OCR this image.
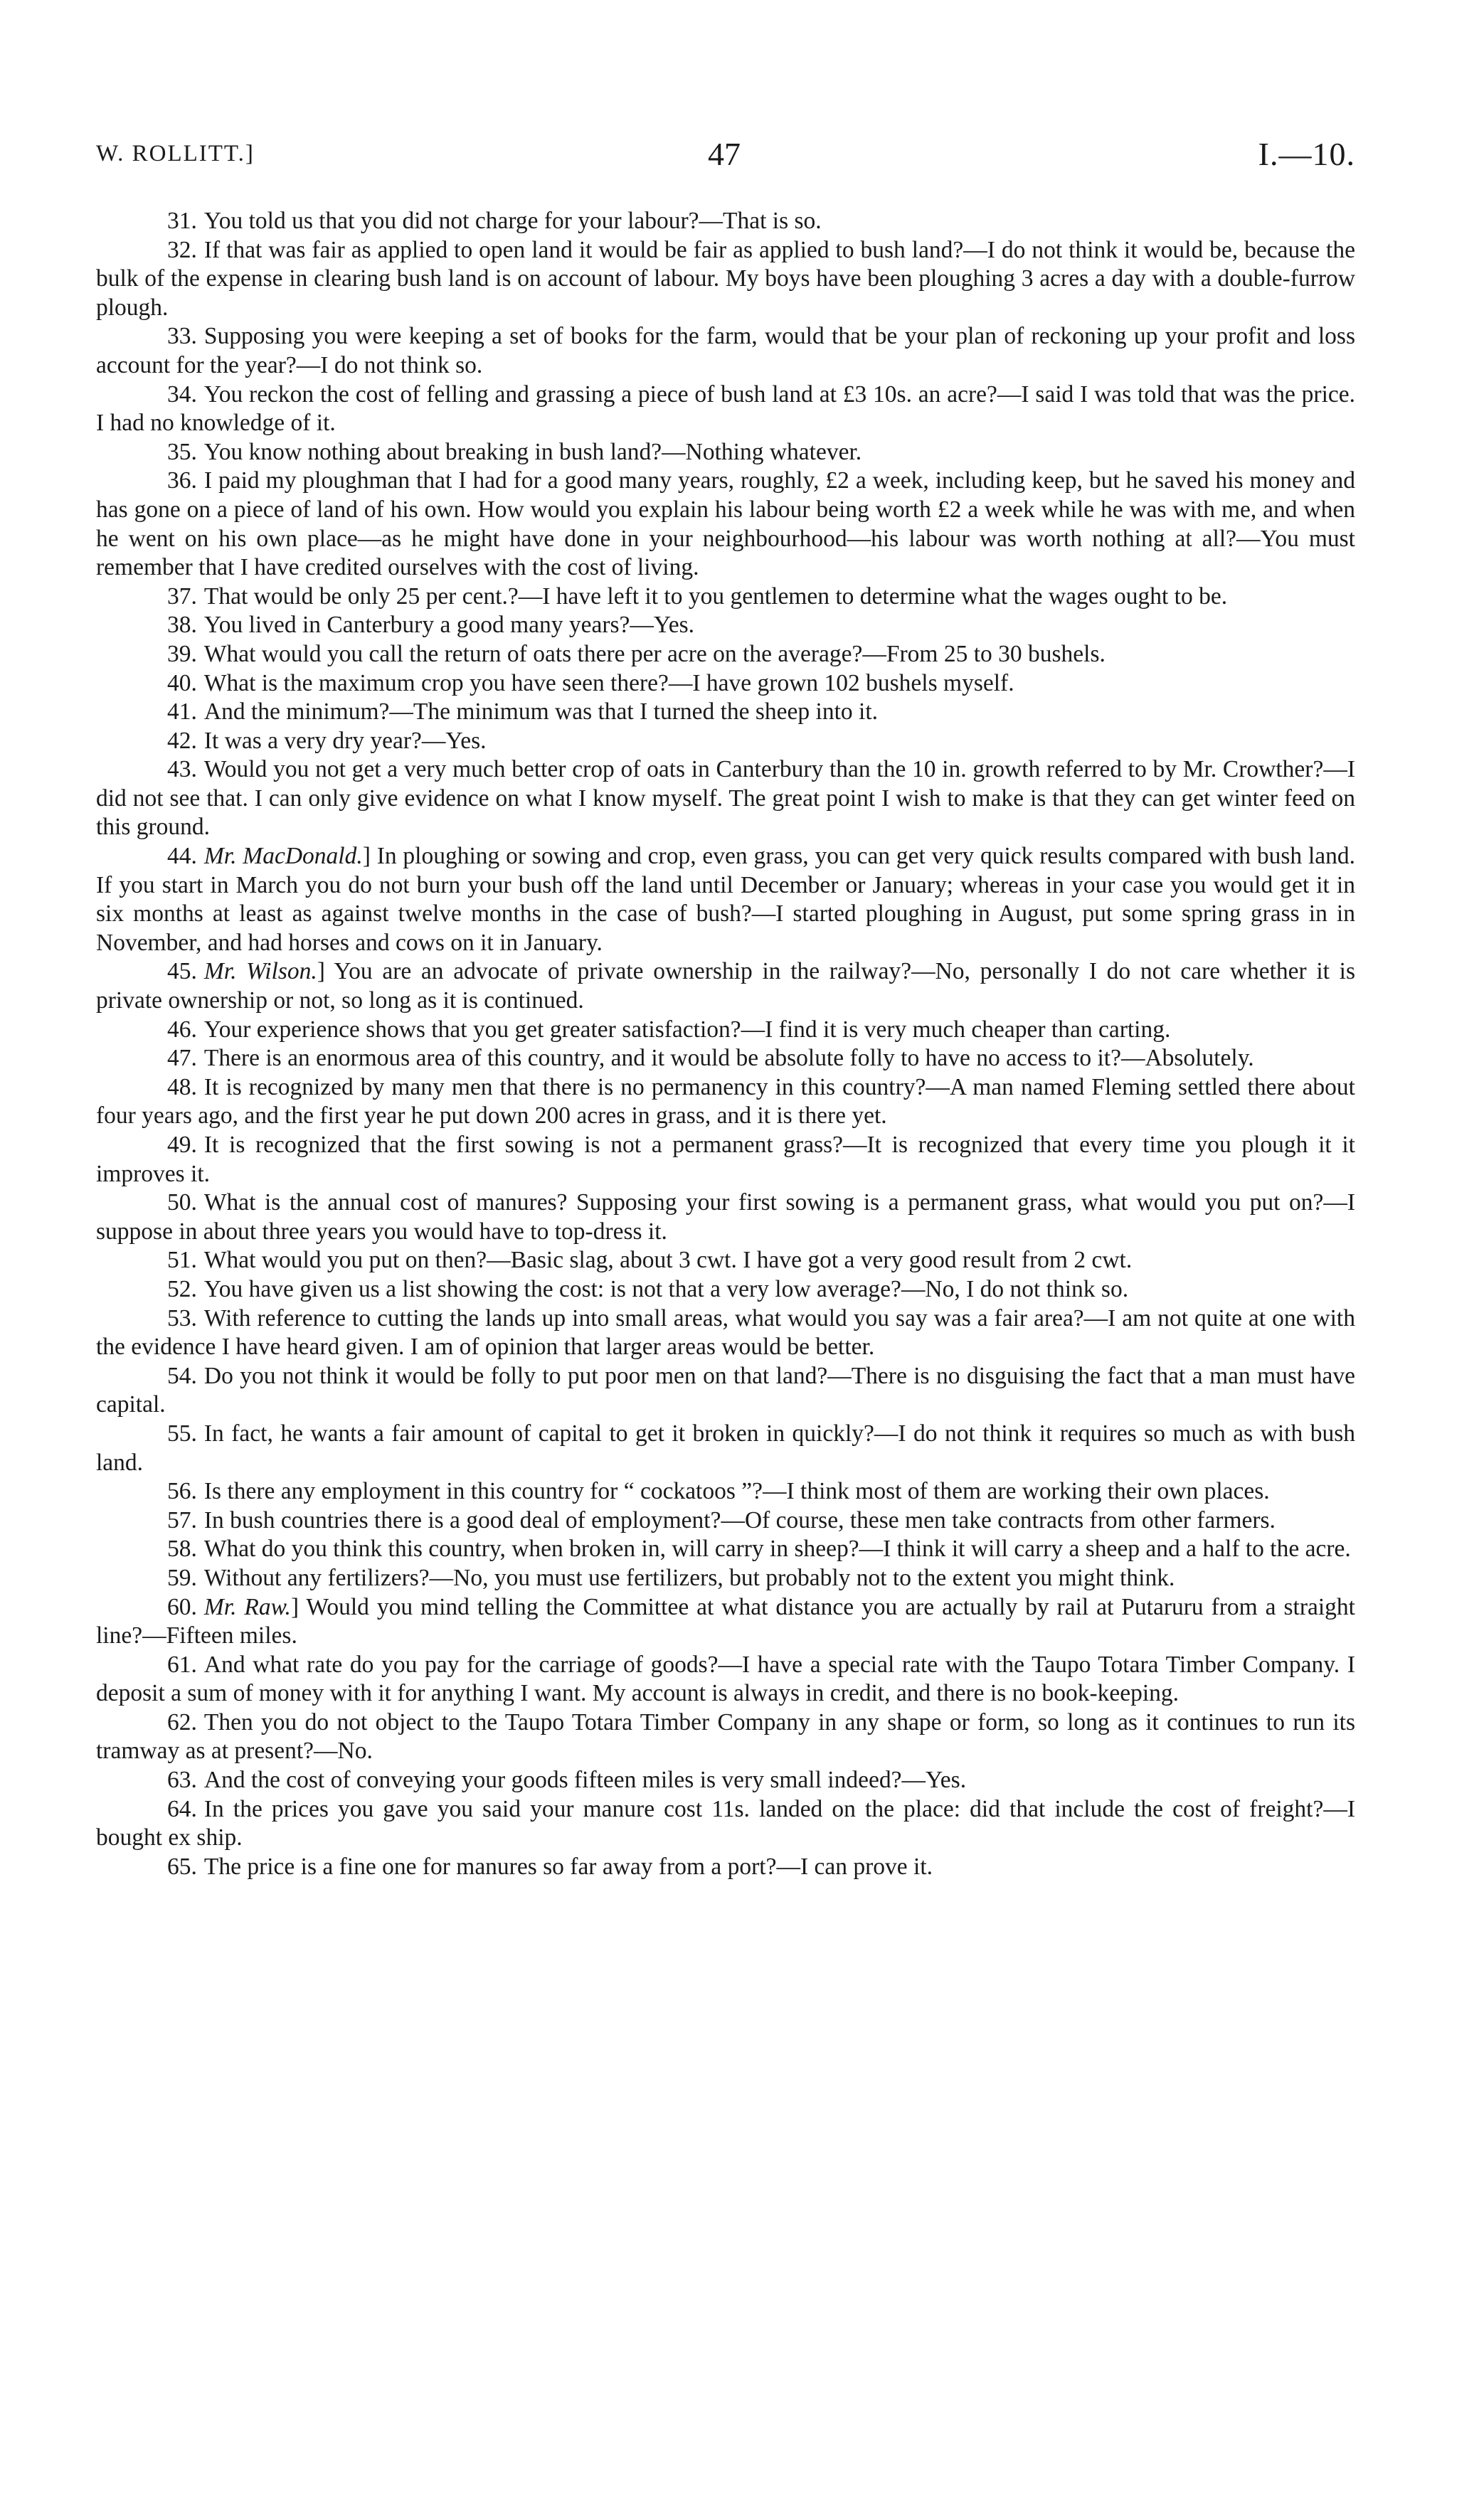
W. ROLLITT.]	47	I.—10.

31. You told us that you did not charge for your labour?—That is so.

32. If that was fair as applied to open land it would be fair as applied to bush land?—I do not think it would be, because the bulk of the expense in clearing bush land is on account of labour. My boys have been ploughing 3 acres a day with a double-furrow plough.

33. Supposing you were keeping a set of books for the farm, would that be your plan of reckoning up your profit and loss account for the year?—I do not think so.

34. You reckon the cost of felling and grassing a piece of bush land at £3 10s. an acre?—I said I was told that was the price. I had no knowledge of it.

35. You know nothing about breaking in bush land?—Nothing whatever.

36. I paid my ploughman that I had for a good many years, roughly, £2 a week, including keep, but he saved his money and has gone on a piece of land of his own. How would you explain his labour being worth £2 a week while he was with me, and when he went on his own place—as he might have done in your neighbourhood—his labour was worth nothing at all?—You must remember that I have credited ourselves with the cost of living.

37. That would be only 25 per cent.?—I have left it to you gentlemen to determine what the wages ought to be.

38. You lived in Canterbury a good many years?—Yes.

39. What would you call the return of oats there per acre on the average?—From 25 to 30 bushels.

40. What is the maximum crop you have seen there?—I have grown 102 bushels myself.

41. And the minimum?—The minimum was that I turned the sheep into it.

42. It was a very dry year?—Yes.

43. Would you not get a very much better crop of oats in Canterbury than the 10 in. growth referred to by Mr. Crowther?—I did not see that. I can only give evidence on what I know myself. The great point I wish to make is that they can get winter feed on this ground.

44. Mr. MacDonald.] In ploughing or sowing and crop, even grass, you can get very quick results compared with bush land. If you start in March you do not burn your bush off the land until December or January; whereas in your case you would get it in six months at least as against twelve months in the case of bush?—I started ploughing in August, put some spring grass in in November, and had horses and cows on it in January.

45. Mr. Wilson.] You are an advocate of private ownership in the railway?—No, personally I do not care whether it is private ownership or not, so long as it is continued.

46. Your experience shows that you get greater satisfaction?—I find it is very much cheaper than carting.

47. There is an enormous area of this country, and it would be absolute folly to have no access to it?—Absolutely.

48. It is recognized by many men that there is no permanency in this country?—A man named Fleming settled there about four years ago, and the first year he put down 200 acres in grass, and it is there yet.

49. It is recognized that the first sowing is not a permanent grass?—It is recognized that every time you plough it it improves it.

50. What is the annual cost of manures? Supposing your first sowing is a permanent grass, what would you put on?—I suppose in about three years you would have to top-dress it.

51. What would you put on then?—Basic slag, about 3 cwt. I have got a very good result from 2 cwt.

52. You have given us a list showing the cost: is not that a very low average?—No, I do not think so.

53. With reference to cutting the lands up into small areas, what would you say was a fair area?—I am not quite at one with the evidence I have heard given. I am of opinion that larger areas would be better.

54. Do you not think it would be folly to put poor men on that land?—There is no disguising the fact that a man must have capital.

55. In fact, he wants a fair amount of capital to get it broken in quickly?—I do not think it requires so much as with bush land.

56. Is there any employment in this country for “ cockatoos ”?—I think most of them are working their own places.

57. In bush countries there is a good deal of employment?—Of course, these men take contracts from other farmers.

58. What do you think this country, when broken in, will carry in sheep?—I think it will carry a sheep and a half to the acre.

59. Without any fertilizers?—No, you must use fertilizers, but probably not to the extent you might think.

60. Mr. Raw.] Would you mind telling the Committee at what distance you are actually by rail at Putaruru from a straight line?—Fifteen miles.

61. And what rate do you pay for the carriage of goods?—I have a special rate with the Taupo Totara Timber Company. I deposit a sum of money with it for anything I want. My account is always in credit, and there is no book-keeping.

62. Then you do not object to the Taupo Totara Timber Company in any shape or form, so long as it continues to run its tramway as at present?—No.

63. And the cost of conveying your goods fifteen miles is very small indeed?—Yes.

64. In the prices you gave you said your manure cost 11s. landed on the place: did that include the cost of freight?—I bought ex ship.

65. The price is a fine one for manures so far away from a port?—I can prove it.
